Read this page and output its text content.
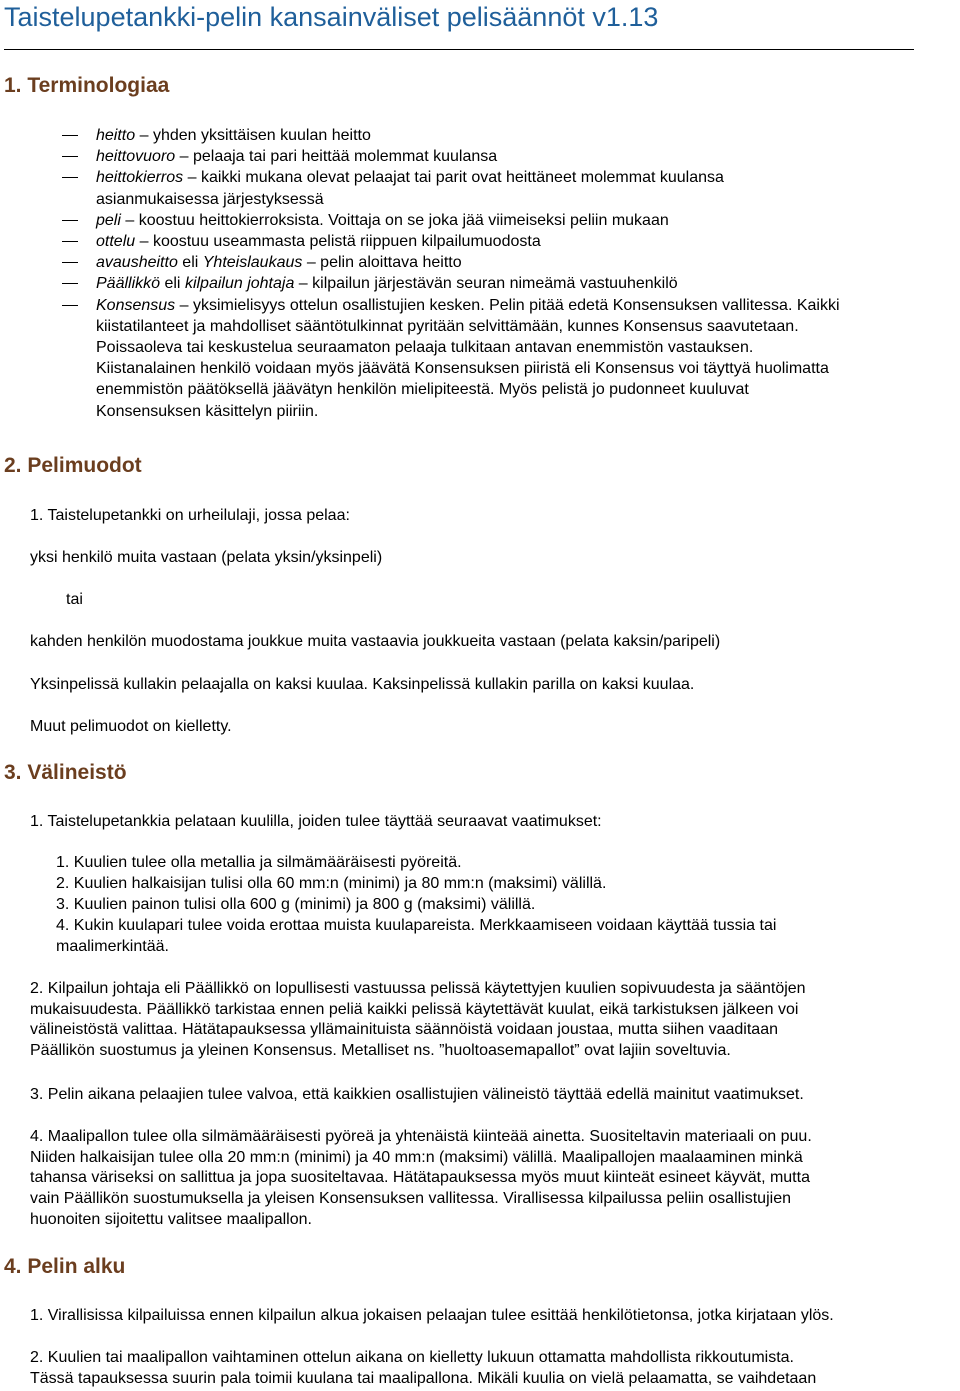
Taistelupetankki-pelin kansainväliset pelisäännöt v1.13
1. Terminologiaa
heitto – yhden yksittäisen kuulan heitto
heittovuoro – pelaaja tai pari heittää molemmat kuulansa
heittokierros – kaikki mukana olevat pelaajat tai parit ovat heittäneet molemmat kuulansa
asianmukaisessa järjestyksessä
peli – koostuu heittokierroksista. Voittaja on se joka jää viimeiseksi peliin mukaan
ottelu – koostuu useammasta pelistä riippuen kilpailumuodosta
avausheitto eli Yhteislaukaus – pelin aloittava heitto
Päällikkö eli kilpailun johtaja – kilpailun järjestävän seuran nimeämä vastuuhenkilö
Konsensus – yksimielisyys ottelun osallistujien kesken. Pelin pitää edetä Konsensuksen vallitessa. Kaikki
kiistatilanteet ja mahdolliset sääntötulkinnat pyritään selvittämään, kunnes Konsensus saavutetaan.
Poissaoleva tai keskustelua seuraamaton pelaaja tulkitaan antavan enemmistön vastauksen.
Kiistanalainen henkilö voidaan myös jäävätä Konsensuksen piiristä eli Konsensus voi täyttyä huolimatta
enemmistön päätöksellä jäävätyn henkilön mielipiteestä. Myös pelistä jo pudonneet kuuluvat
Konsensuksen käsittelyn piiriin.
2. Pelimuodot

1. Taistelupetankki on urheilulaji, jossa pelaa:

yksi henkilö muita vastaan (pelata yksin/yksinpeli)

tai

kahden henkilön muodostama joukkue muita vastaavia joukkueita vastaan (pelata kaksin/paripeli)

Yksinpelissä kullakin pelaajalla on kaksi kuulaa. Kaksinpelissä kullakin parilla on kaksi kuulaa.

Muut pelimuodot on kielletty.

3. Välineistö

1. Taistelupetankkia pelataan kuulilla, joiden tulee täyttää seuraavat vaatimukset:

1. Kuulien tulee olla metallia ja silmämääräisesti pyöreitä.

2. Kuulien halkaisijan tulisi olla 60 mm:n (minimi) ja 80 mm:n (maksimi) välillä.

3. Kuulien painon tulisi olla 600 g (minimi) ja 800 g (maksimi) välillä.

4. Kukin kuulapari tulee voida erottaa muista kuulapareista. Merkkaamiseen voidaan käyttää tussia tai
maalimerkintää.

2. Kilpailun johtaja eli Päällikkö on lopullisesti vastuussa pelissä käytettyjen kuulien sopivuudesta ja sääntöjen
mukaisuudesta. Päällikkö tarkistaa ennen peliä kaikki pelissä käytettävät kuulat, eikä tarkistuksen jälkeen voi
välineistöstä valittaa. Hätätapauksessa yllämainituista säännöistä voidaan joustaa, mutta siihen vaaditaan
Päällikön suostumus ja yleinen Konsensus. Metalliset ns. ”huoltoasemapallot” ovat lajiin soveltuvia.

3. Pelin aikana pelaajien tulee valvoa, että kaikkien osallistujien välineistö täyttää edellä mainitut vaatimukset.

4. Maalipallon tulee olla silmämääräisesti pyöreä ja yhtenäistä kiinteää ainetta. Suositeltavin materiaali on puu.
Niiden halkaisijan tulee olla 20 mm:n (minimi) ja 40 mm:n (maksimi) välillä. Maalipallojen maalaaminen minkä
tahansa väriseksi on sallittua ja jopa suositeltavaa. Hätätapauksessa myös muut kiinteät esineet käyvät, mutta
vain Päällikön suostumuksella ja yleisen Konsensuksen vallitessa. Virallisessa kilpailussa peliin osallistujien
huonoiten sijoitettu valitsee maalipallon.

4. Pelin alku

1. Virallisissa kilpailuissa ennen kilpailun alkua jokaisen pelaajan tulee esittää henkilötietonsa, jotka kirjataan ylös.

2. Kuulien tai maalipallon vaihtaminen ottelun aikana on kielletty lukuun ottamatta mahdollista rikkoutumista.
Tässä tapauksessa suurin pala toimii kuulana tai maalipallona. Mikäli kuulia on vielä pelaamatta, se vaihdetaan
